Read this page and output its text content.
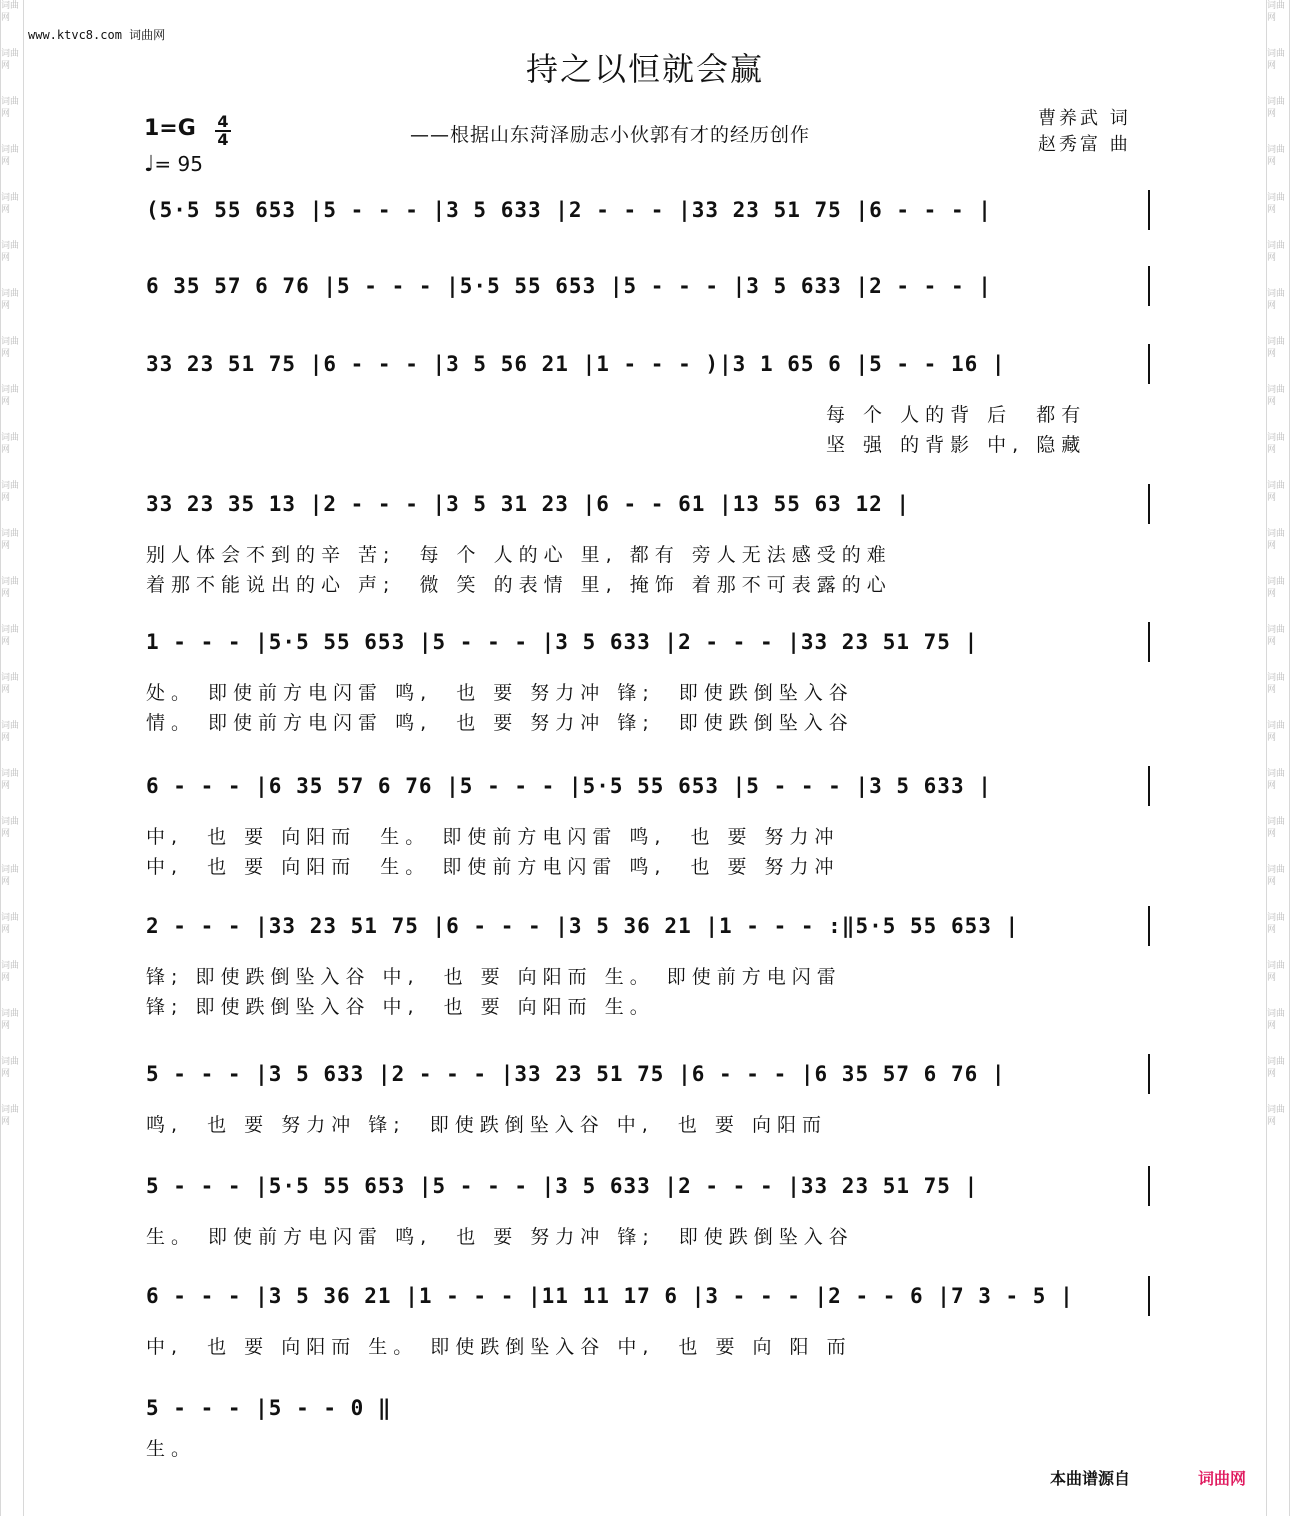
词曲网
词曲网
词曲网
词曲网
词曲网
词曲网
词曲网
词曲网
词曲网
词曲网
词曲网
词曲网
词曲网
词曲网
词曲网
词曲网
词曲网
词曲网
词曲网
词曲网
词曲网
词曲网
词曲网
词曲网
词曲网
词曲网
词曲网
词曲网
词曲网
词曲网
词曲网
词曲网
词曲网
词曲网
词曲网
词曲网
词曲网
词曲网
词曲网
词曲网
词曲网
词曲网
词曲网
词曲网
词曲网
词曲网
词曲网
词曲网
www.ktvc8.com 词曲网
持之以恒就会赢
——根据山东菏泽励志小伙郭有才的经历创作
曹养武 词
赵秀富 曲
1=G 4
4
♩= 95
(5·5 55 653 |5 - - - |3 5 633 |2 - - - |33 23 51 75 |6 - - - |
6 35 57 6 76 |5 - - - |5·5 55 653 |5 - - - |3 5 633 |2 - - - |
33 23 51 75 |6 - - - |3 5 56 21 |1 - - - )|3 1 65 6 |5 - - 16 |
每 个 人的背 后  都有
坚 强 的背影 中, 隐藏
33 23 35 13 |2 - - - |3 5 31 23 |6 - - 61 |13 55 63 12 |
别人体会不到的辛 苦;  每 个 人的心 里, 都有 旁人无法感受的难
着那不能说出的心 声;  微 笑 的表情 里, 掩饰 着那不可表露的心
1 - - - |5·5 55 653 |5 - - - |3 5 633 |2 - - - |33 23 51 75 |
处。 即使前方电闪雷 鸣,  也 要 努力冲 锋;  即使跌倒坠入谷
情。 即使前方电闪雷 鸣,  也 要 努力冲 锋;  即使跌倒坠入谷
6 - - - |6 35 57 6 76 |5 - - - |5·5 55 653 |5 - - - |3 5 633 |
中,  也 要 向阳而  生。 即使前方电闪雷 鸣,  也 要 努力冲
中,  也 要 向阳而  生。 即使前方电闪雷 鸣,  也 要 努力冲
2 - - - |33 23 51 75 |6 - - - |3 5 36 21 |1 - - - :‖5·5 55 653 |
锋; 即使跌倒坠入谷 中,  也 要 向阳而 生。 即使前方电闪雷
锋; 即使跌倒坠入谷 中,  也 要 向阳而 生。
5 - - - |3 5 633 |2 - - - |33 23 51 75 |6 - - - |6 35 57 6 76 |
鸣,  也 要 努力冲 锋;  即使跌倒坠入谷 中,  也 要 向阳而
5 - - - |5·5 55 653 |5 - - - |3 5 633 |2 - - - |33 23 51 75 |
生。 即使前方电闪雷 鸣,  也 要 努力冲 锋;  即使跌倒坠入谷
6 - - - |3 5 36 21 |1 - - - |11 11 17 6 |3 - - - |2 - - 6 |7 3 - 5 |
中,  也 要 向阳而 生。 即使跌倒坠入谷 中,  也 要 向 阳 而
5 - - - |5 - - 0 ‖
生。
本曲谱源自	词曲网
